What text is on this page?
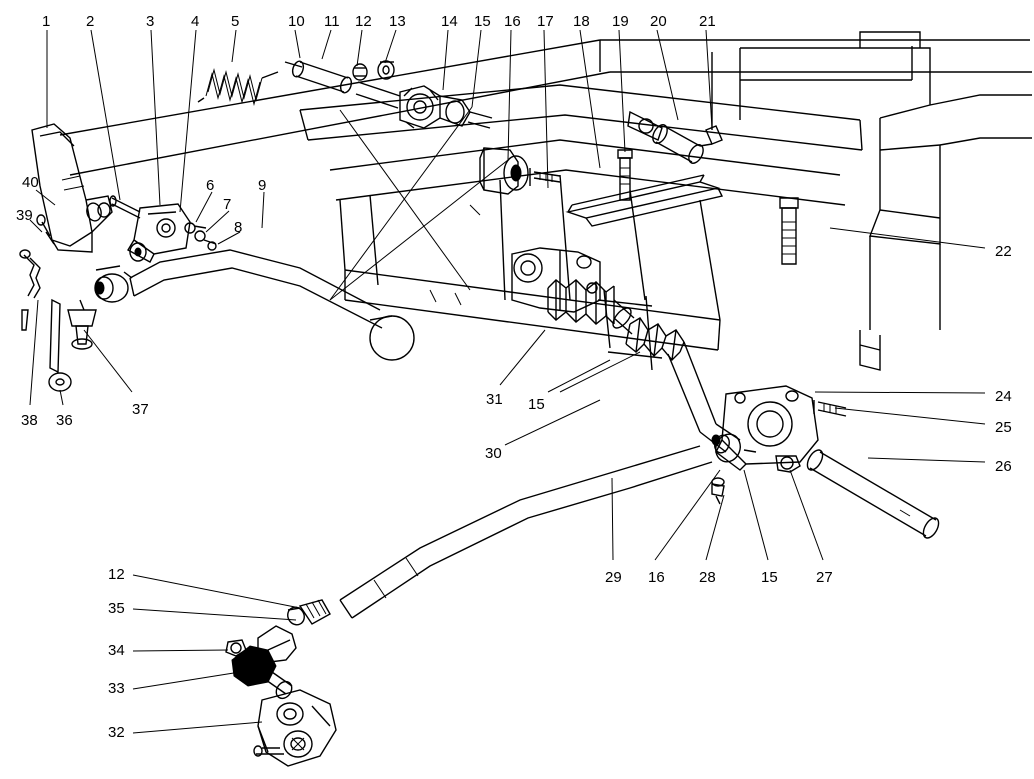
1 2	3 4 5	10 11 12 13 14 15 16 17 18 19 20 21
40
39
6
7
8
9
22
38 36
37
31 15
30
24
25
26
29 16 28	15	27
12
35
34
33
32
